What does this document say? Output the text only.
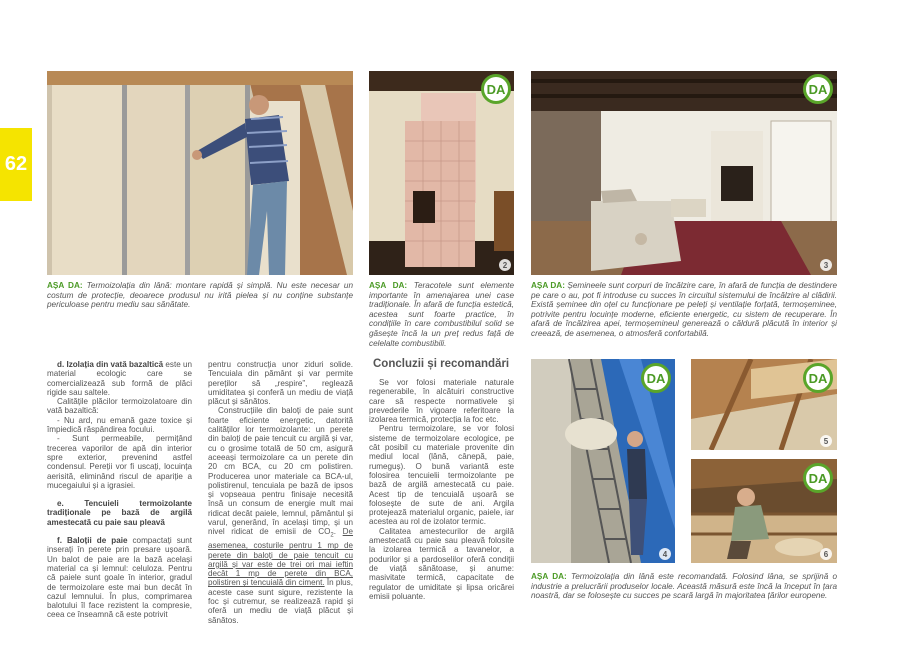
62
DA	DA
DA	DA
DA
2	3
4
5
6
AȘA DA: Termoizolația din lână: montare rapidă și simplă. Nu este necesar un costum de protecție, deoarece produsul nu irită pielea și nu conține substanțe periculoase pentru mediu sau sănătate.
AȘA DA: Teracotele sunt elemente importante în amenajarea unei case tradiționale. În afară de funcția estetică, acestea sunt foarte practice, în condițiile în care combustibilul solid se găsește încă la un preț redus față de celelalte combustibili.
AȘA DA: Șemineele sunt corpuri de încălzire care, în afară de funcția de destindere pe care o au, pot fi introduse cu succes în circuitul sistemului de încălzire al clădirii. Există șeminee din oțel cu funcționare pe peleți și ventilație forțată, termoșeminee, potrivite pentru locuințe moderne, eficiente energetic, cu sistem de recuperare. În afară de încălzirea apei, termoșemineul generează o căldură plăcută în interior și creează, de asemenea, o atmosferă confortabilă.
AȘA DA: Termoizolația din lână este recomandată. Folosind lâna, se sprijină o industrie a prelucrării produselor locale. Această măsură este încă la început în țara noastră, dar se folosește cu succes pe scară largă în majoritatea țărilor europene.

d. Izolația din vată bazaltică este un material ecologic care se comercializează sub formă de plăci rigide sau saltele.

Calitățile plăcilor termoizolatoare din vată bazaltică:

- Nu ard, nu emană gaze toxice și împiedică răspândirea focului.

- Sunt permeabile, permițând trecerea vaporilor de apă din interior spre exterior, prevenind astfel condensul. Pereții vor fi uscați, locuința aerisită, eliminând riscul de apariție a mucegaiului și a igrasiei.

e. Tencuieli termoizolante tradiționale pe bază de argilă amestecată cu paie sau pleavă

f. Baloții de paie compactați sunt inserați în perete prin presare ușoară. Un balot de paie are la bază același material ca și lemnul: celuloza. Pentru că paiele sunt goale în interior, gradul de termoizolare este mai bun decât în cazul lemnului. În plus, comprimarea balotului îl face rezistent la compresie, ceea ce înseamnă că este potrivit

pentru construcția unor ziduri solide. Tencuiala din pământ și var permite pereților să „respire”, reglează umiditatea și conferă un mediu de viață plăcut și sănătos.

Construcțiile din baloți de paie sunt foarte eficiente energetic, datorită calităților lor termoizolante: un perete din baloți de paie tencuit cu argilă și var, cu o grosime totală de 50 cm, asigură aceeași termoizolare ca un perete din 20 cm BCA, cu 20 cm polistiren. Producerea unor materiale ca BCA-ul, polistirenul, tencuiala pe bază de ipsos și vopseaua pentru finisaje necesită însă un consum de energie mult mai ridicat decât paiele, lemnul, pământul și varul, generând, în același timp, și un nivel ridicat de emisii de $CO_2$. De asemenea, costurile pentru 1 mp de perete din baloți de paie tencuit cu argilă și var este de trei ori mai ieftin decât 1 mp de perete din BCA, polistiren și tencuială din ciment. În plus, aceste case sunt sigure, rezistente la foc și cutremur, se realizează rapid și oferă un mediu de viață plăcut și sănătos.

Concluzii și recomandări

Se vor folosi materiale naturale regenerabile, în alcătuiri constructive care să respecte normativele și prevederile în vigoare referitoare la izolarea termică, protecția la foc etc.

Pentru termoizolare, se vor folosi sisteme de termoizolare ecologice, pe cât posibil cu materiale provenite din mediul local (lână, cânepă, paie, rumeguș). O bună variantă este folosirea tencuielii termoizolante pe bază de argilă amestecată cu paie. Acest tip de tencuială ușoară se folosește de sute de ani. Argila protejează materialul organic, paiele, iar acestea au rol de izolator termic.

Calitatea amestecurilor de argilă amestecată cu paie sau pleavă folosite la izolarea termică a tavanelor, a podurilor și a pardoselilor oferă condiții de viață sănătoase, și anume: masivitate termică, capacitate de regulator de umiditate și lipsa oricărei emisii poluante.
